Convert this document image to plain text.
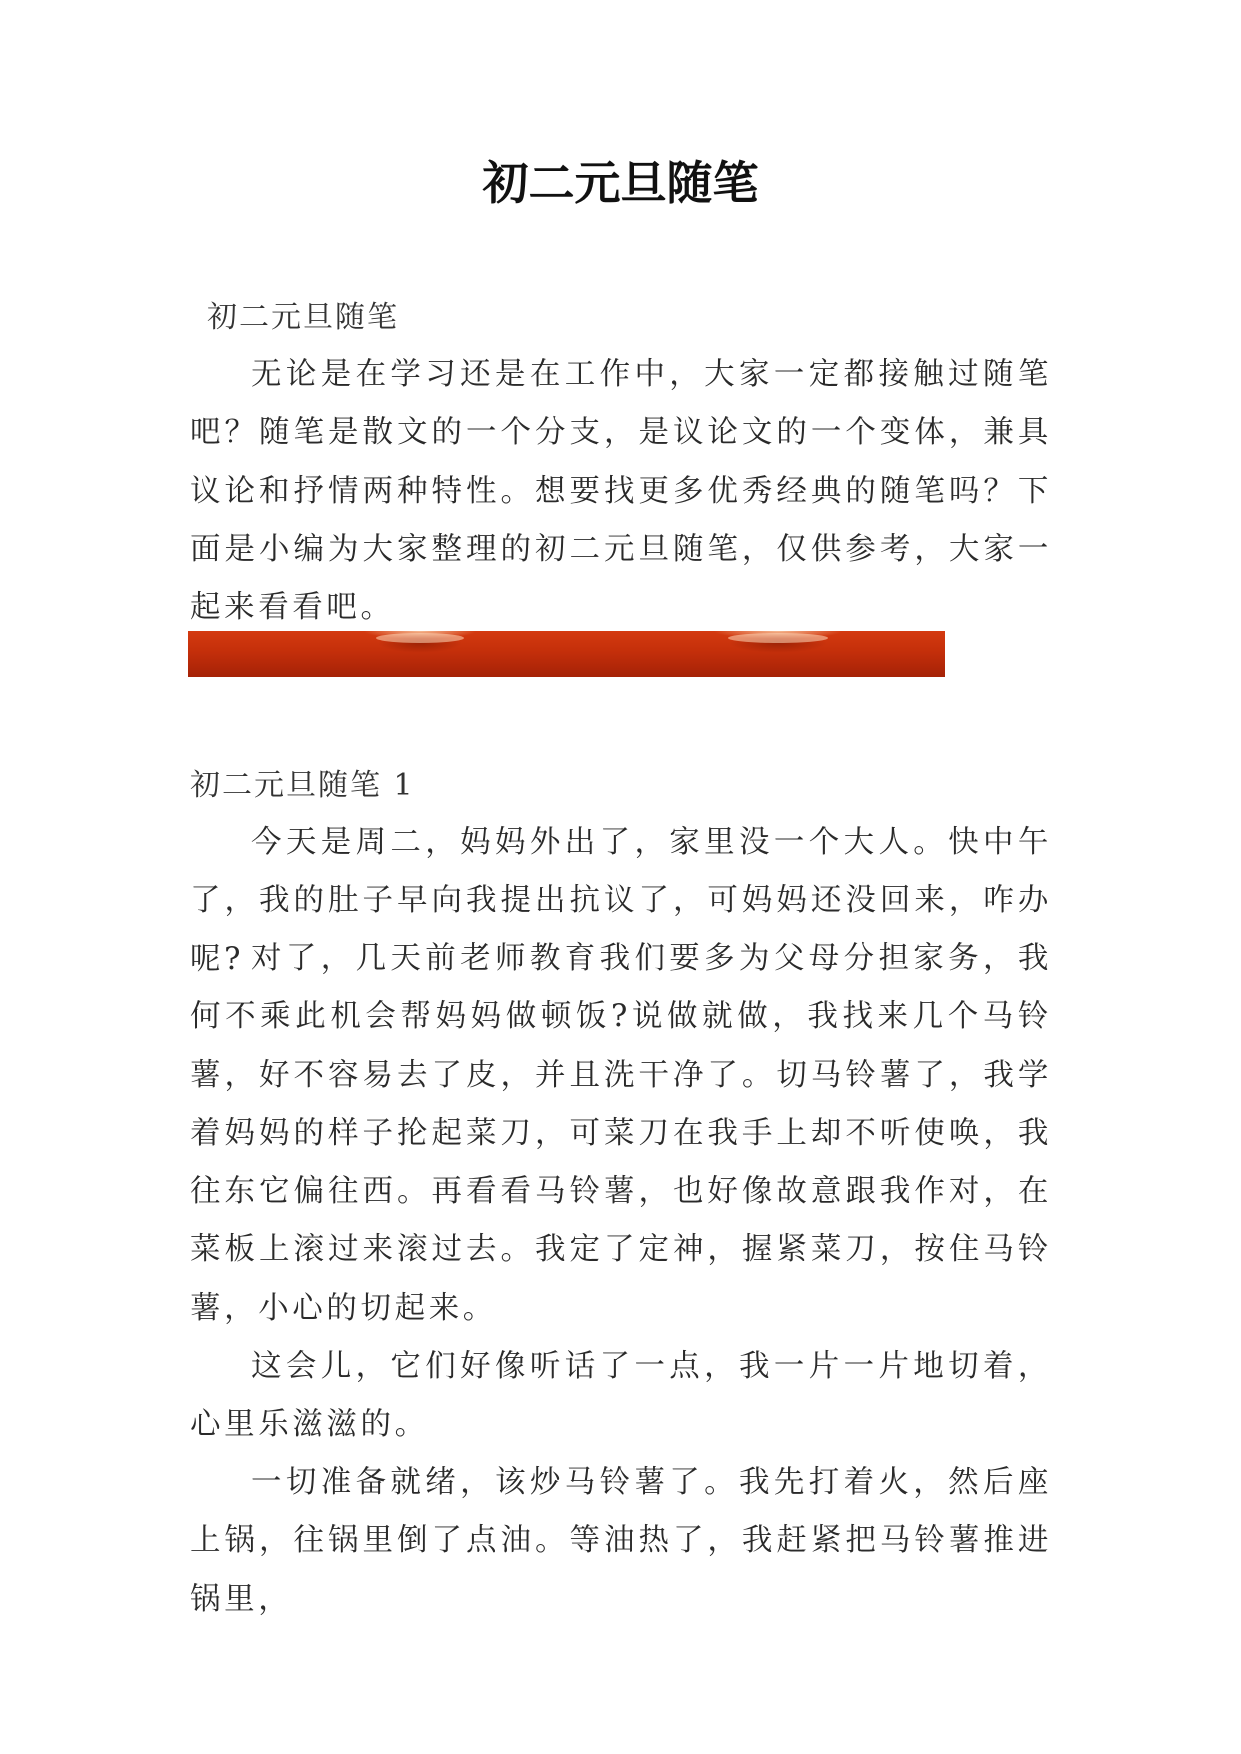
初二元旦随笔

初二元旦随笔

无论是在学习还是在工作中，大家一定都接触过随笔吧？随笔是散文的一个分支，是议论文的一个变体，兼具议论和抒情两种特性。想要找更多优秀经典的随笔吗？下面是小编为大家整理的初二元旦随笔，仅供参考，大家一起来看看吧。

初二元旦随笔 1

今天是周二，妈妈外出了，家里没一个大人。快中午了，我的肚子早向我提出抗议了，可妈妈还没回来，咋办呢? 对了，几天前老师教育我们要多为父母分担家务，我何不乘此机会帮妈妈做顿饭?说做就做，我找来几个马铃薯，好不容易去了皮，并且洗干净了。切马铃薯了，我学着妈妈的样子抡起菜刀，可菜刀在我手上却不听使唤，我往东它偏往西。再看看马铃薯，也好像故意跟我作对，在菜板上滚过来滚过去。我定了定神，握紧菜刀，按住马铃薯，小心的切起来。

这会儿，它们好像听话了一点，我一片一片地切着，心里乐滋滋的。

一切准备就绪，该炒马铃薯了。我先打着火，然后座上锅，往锅里倒了点油。等油热了，我赶紧把马铃薯推进锅里，
